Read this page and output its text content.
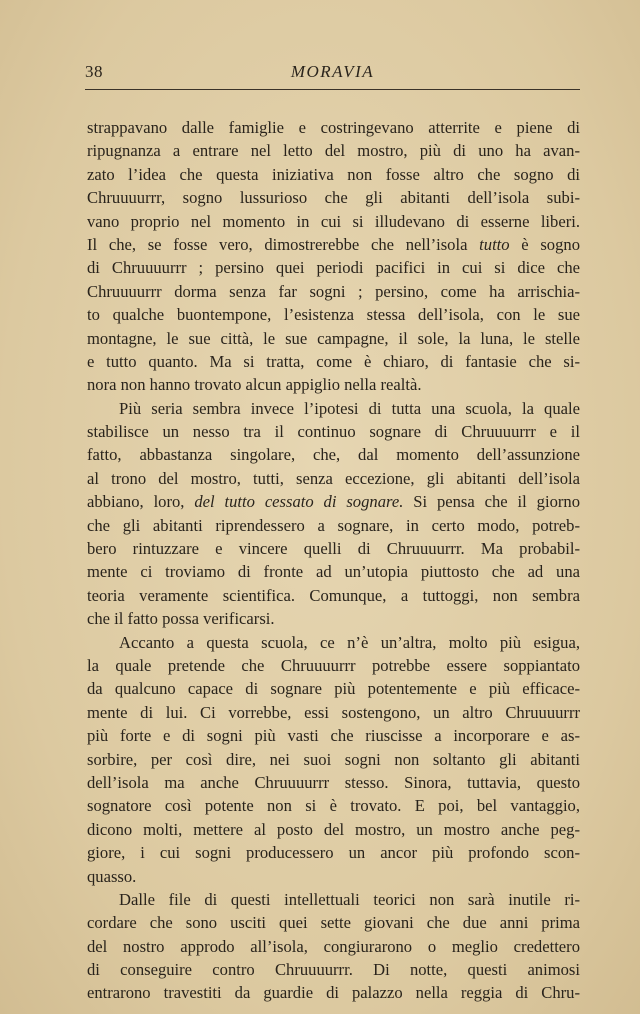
38	MORAVIA
strappavano dalle famiglie e costringevano atterrite e piene di
ripugnanza a entrare nel letto del mostro, più di uno ha avan-
zato l’idea che questa iniziativa non fosse altro che sogno di
Chruuuurrr, sogno lussurioso che gli abitanti dell’isola subi-
vano proprio nel momento in cui si illudevano di esserne liberi.
Il che, se fosse vero, dimostrerebbe che nell’isola tutto è sogno
di Chruuuurrr ; persino quei periodi pacifici in cui si dice che
Chruuuurrr dorma senza far sogni ; persino, come ha arrischia-
to qualche buontempone, l’esistenza stessa dell’isola, con le sue
montagne, le sue città, le sue campagne, il sole, la luna, le stelle
e tutto quanto. Ma si tratta, come è chiaro, di fantasie che si-
nora non hanno trovato alcun appiglio nella realtà.
Più seria sembra invece l’ipotesi di tutta una scuola, la quale
stabilisce un nesso tra il continuo sognare di Chruuuurrr e il
fatto, abbastanza singolare, che, dal momento dell’assunzione
al trono del mostro, tutti, senza eccezione, gli abitanti dell’isola
abbiano, loro, del tutto cessato di sognare. Si pensa che il giorno
che gli abitanti riprendessero a sognare, in certo modo, potreb-
bero rintuzzare e vincere quelli di Chruuuurrr. Ma probabil-
mente ci troviamo di fronte ad un’utopia piuttosto che ad una
teoria veramente scientifica. Comunque, a tuttoggi, non sembra
che il fatto possa verificarsi.
Accanto a questa scuola, ce n’è un’altra, molto più esigua,
la quale pretende che Chruuuurrr potrebbe essere soppiantato
da qualcuno capace di sognare più potentemente e più efficace-
mente di lui. Ci vorrebbe, essi sostengono, un altro Chruuuurrr
più forte e di sogni più vasti che riuscisse a incorporare e as-
sorbire, per così dire, nei suoi sogni non soltanto gli abitanti
dell’isola ma anche Chruuuurrr stesso. Sinora, tuttavia, questo
sognatore così potente non si è trovato. E poi, bel vantaggio,
dicono molti, mettere al posto del mostro, un mostro anche peg-
giore, i cui sogni producessero un ancor più profondo scon-
quasso.
Dalle file di questi intellettuali teorici non sarà inutile ri-
cordare che sono usciti quei sette giovani che due anni prima
del nostro approdo all’isola, congiurarono o meglio credettero
di conseguire contro Chruuuurrr. Di notte, questi animosi
entrarono travestiti da guardie di palazzo nella reggia di Chru-
